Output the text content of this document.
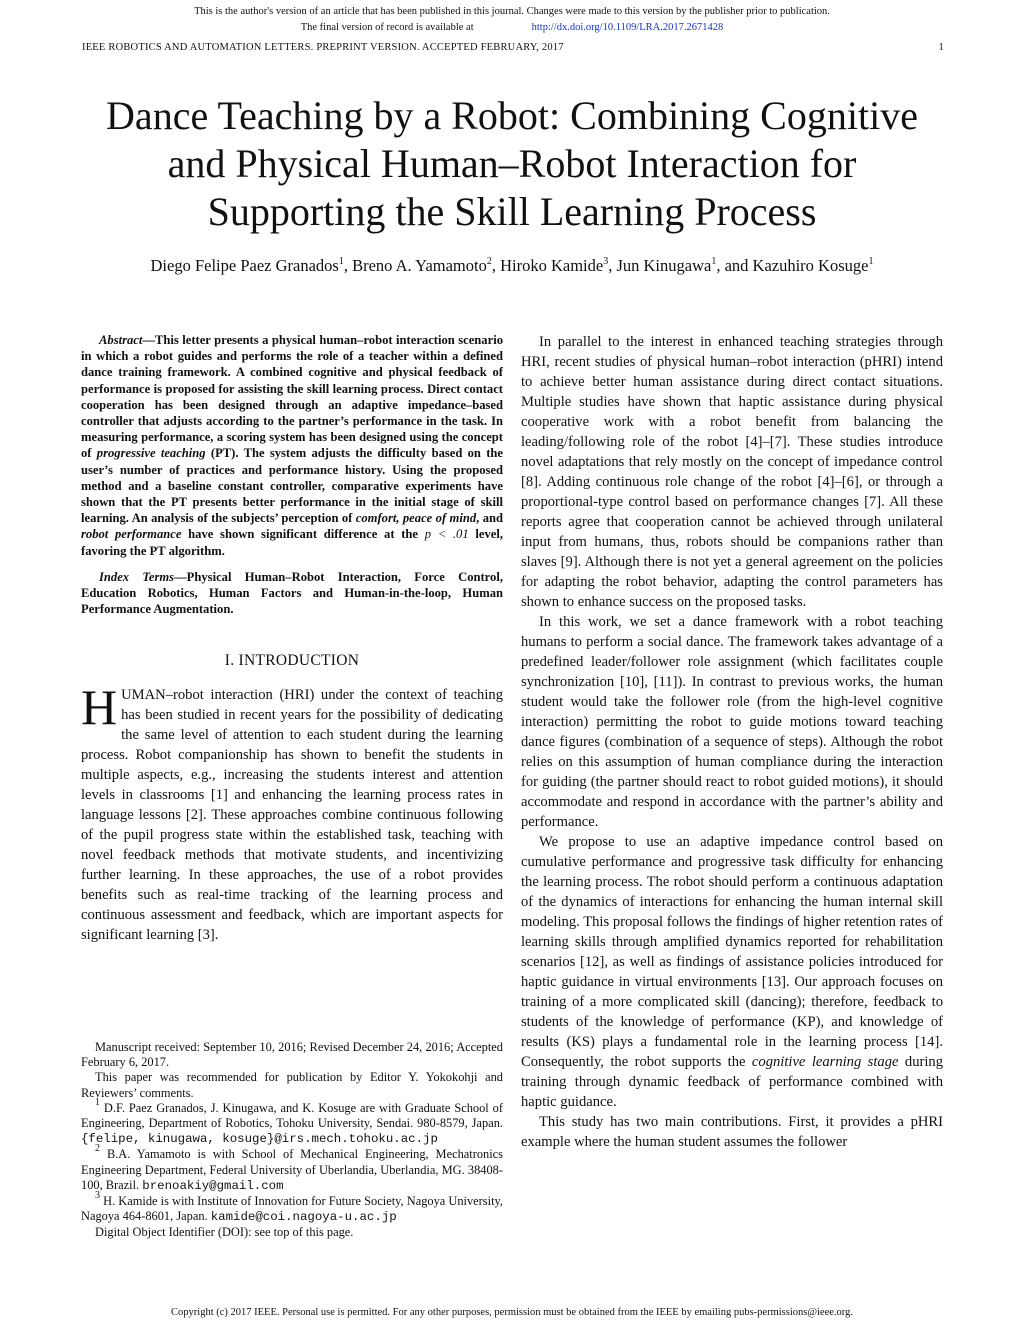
This is the author's version of an article that has been published in this journal. Changes were made to this version by the publisher prior to publication.
The final version of record is available at	http://dx.doi.org/10.1109/LRA.2017.2671428
IEEE ROBOTICS AND AUTOMATION LETTERS. PREPRINT VERSION. ACCEPTED FEBRUARY, 2017	1
Dance Teaching by a Robot: Combining Cognitive
and Physical Human–Robot Interaction for
Supporting the Skill Learning Process
Diego Felipe Paez Granados$^1$, Breno A. Yamamoto$^2$, Hiroko Kamide$^3$, Jun Kinugawa$^1$, and Kazuhiro Kosuge$^1$

Abstract—This letter presents a physical human–robot interaction scenario in which a robot guides and performs the role of a teacher within a defined dance training framework. A combined cognitive and physical feedback of performance is proposed for assisting the skill learning process. Direct contact cooperation has been designed through an adaptive impedance–based controller that adjusts according to the partner’s performance in the task. In measuring performance, a scoring system has been designed using the concept of progressive teaching (PT). The system adjusts the difficulty based on the user’s number of practices and performance history. Using the proposed method and a baseline constant controller, comparative experiments have shown that the PT presents better performance in the initial stage of skill learning. An analysis of the subjects’ perception of comfort, peace of mind, and robot performance have shown significant difference at the p < .01 level, favoring the PT algorithm.

Index Terms—Physical Human–Robot Interaction, Force Control, Education Robotics, Human Factors and Human-in-the-loop, Human Performance Augmentation.

I. INTRODUCTION

HUMAN–robot interaction (HRI) under the context of teaching has been studied in recent years for the possibility of dedicating the same level of attention to each student during the learning process. Robot companionship has shown to benefit the students in multiple aspects, e.g., increasing the students interest and attention levels in classrooms [1] and enhancing the learning process rates in language lessons [2]. These approaches combine continuous following of the pupil progress state within the established task, teaching with novel feedback methods that motivate students, and incentivizing further learning. In these approaches, the use of a robot provides benefits such as real-time tracking of the learning process and continuous assessment and feedback, which are important aspects for significant learning [3].

Manuscript received: September 10, 2016; Revised December 24, 2016; Accepted February 6, 2017.

This paper was recommended for publication by Editor Y. Yokokohji and Reviewers’ comments.

$^1$ D.F. Paez Granados, J. Kinugawa, and K. Kosuge are with Graduate School of Engineering, Department of Robotics, Tohoku University, Sendai. 980-8579, Japan. {felipe, kinugawa, kosuge}@irs.mech.tohoku.ac.jp

$^2$ B.A. Yamamoto is with School of Mechanical Engineering, Mechatronics Engineering Department, Federal University of Uberlandia, Uberlandia, MG. 38408-100, Brazil. brenoakiy@gmail.com

$^3$ H. Kamide is with Institute of Innovation for Future Society, Nagoya University, Nagoya 464-8601, Japan. kamide@coi.nagoya-u.ac.jp

Digital Object Identifier (DOI): see top of this page.

In parallel to the interest in enhanced teaching strategies through HRI, recent studies of physical human–robot interaction (pHRI) intend to achieve better human assistance during direct contact situations. Multiple studies have shown that haptic assistance during physical cooperative work with a robot benefit from balancing the leading/following role of the robot [4]–[7]. These studies introduce novel adaptations that rely mostly on the concept of impedance control [8]. Adding continuous role change of the robot [4]–[6], or through a proportional-type control based on performance changes [7]. All these reports agree that cooperation cannot be achieved through unilateral input from humans, thus, robots should be companions rather than slaves [9]. Although there is not yet a general agreement on the policies for adapting the robot behavior, adapting the control parameters has shown to enhance success on the proposed tasks.

In this work, we set a dance framework with a robot teaching humans to perform a social dance. The framework takes advantage of a predefined leader/follower role assignment (which facilitates couple synchronization [10], [11]). In contrast to previous works, the human student would take the follower role (from the high-level cognitive interaction) permitting the robot to guide motions toward teaching dance figures (combination of a sequence of steps). Although the robot relies on this assumption of human compliance during the interaction for guiding (the partner should react to robot guided motions), it should accommodate and respond in accordance with the partner’s ability and performance.

We propose to use an adaptive impedance control based on cumulative performance and progressive task difficulty for enhancing the learning process. The robot should perform a continuous adaptation of the dynamics of interactions for enhancing the human internal skill modeling. This proposal follows the findings of higher retention rates of learning skills through amplified dynamics reported for rehabilitation scenarios [12], as well as findings of assistance policies introduced for haptic guidance in virtual environments [13]. Our approach focuses on training of a more complicated skill (dancing); therefore, feedback to students of the knowledge of performance (KP), and knowledge of results (KS) plays a fundamental role in the learning process [14]. Consequently, the robot supports the cognitive learning stage during training through dynamic feedback of performance combined with haptic guidance.

This study has two main contributions. First, it provides a pHRI example where the human student assumes the follower

Copyright (c) 2017 IEEE. Personal use is permitted. For any other purposes, permission must be obtained from the IEEE by emailing pubs-permissions@ieee.org.
